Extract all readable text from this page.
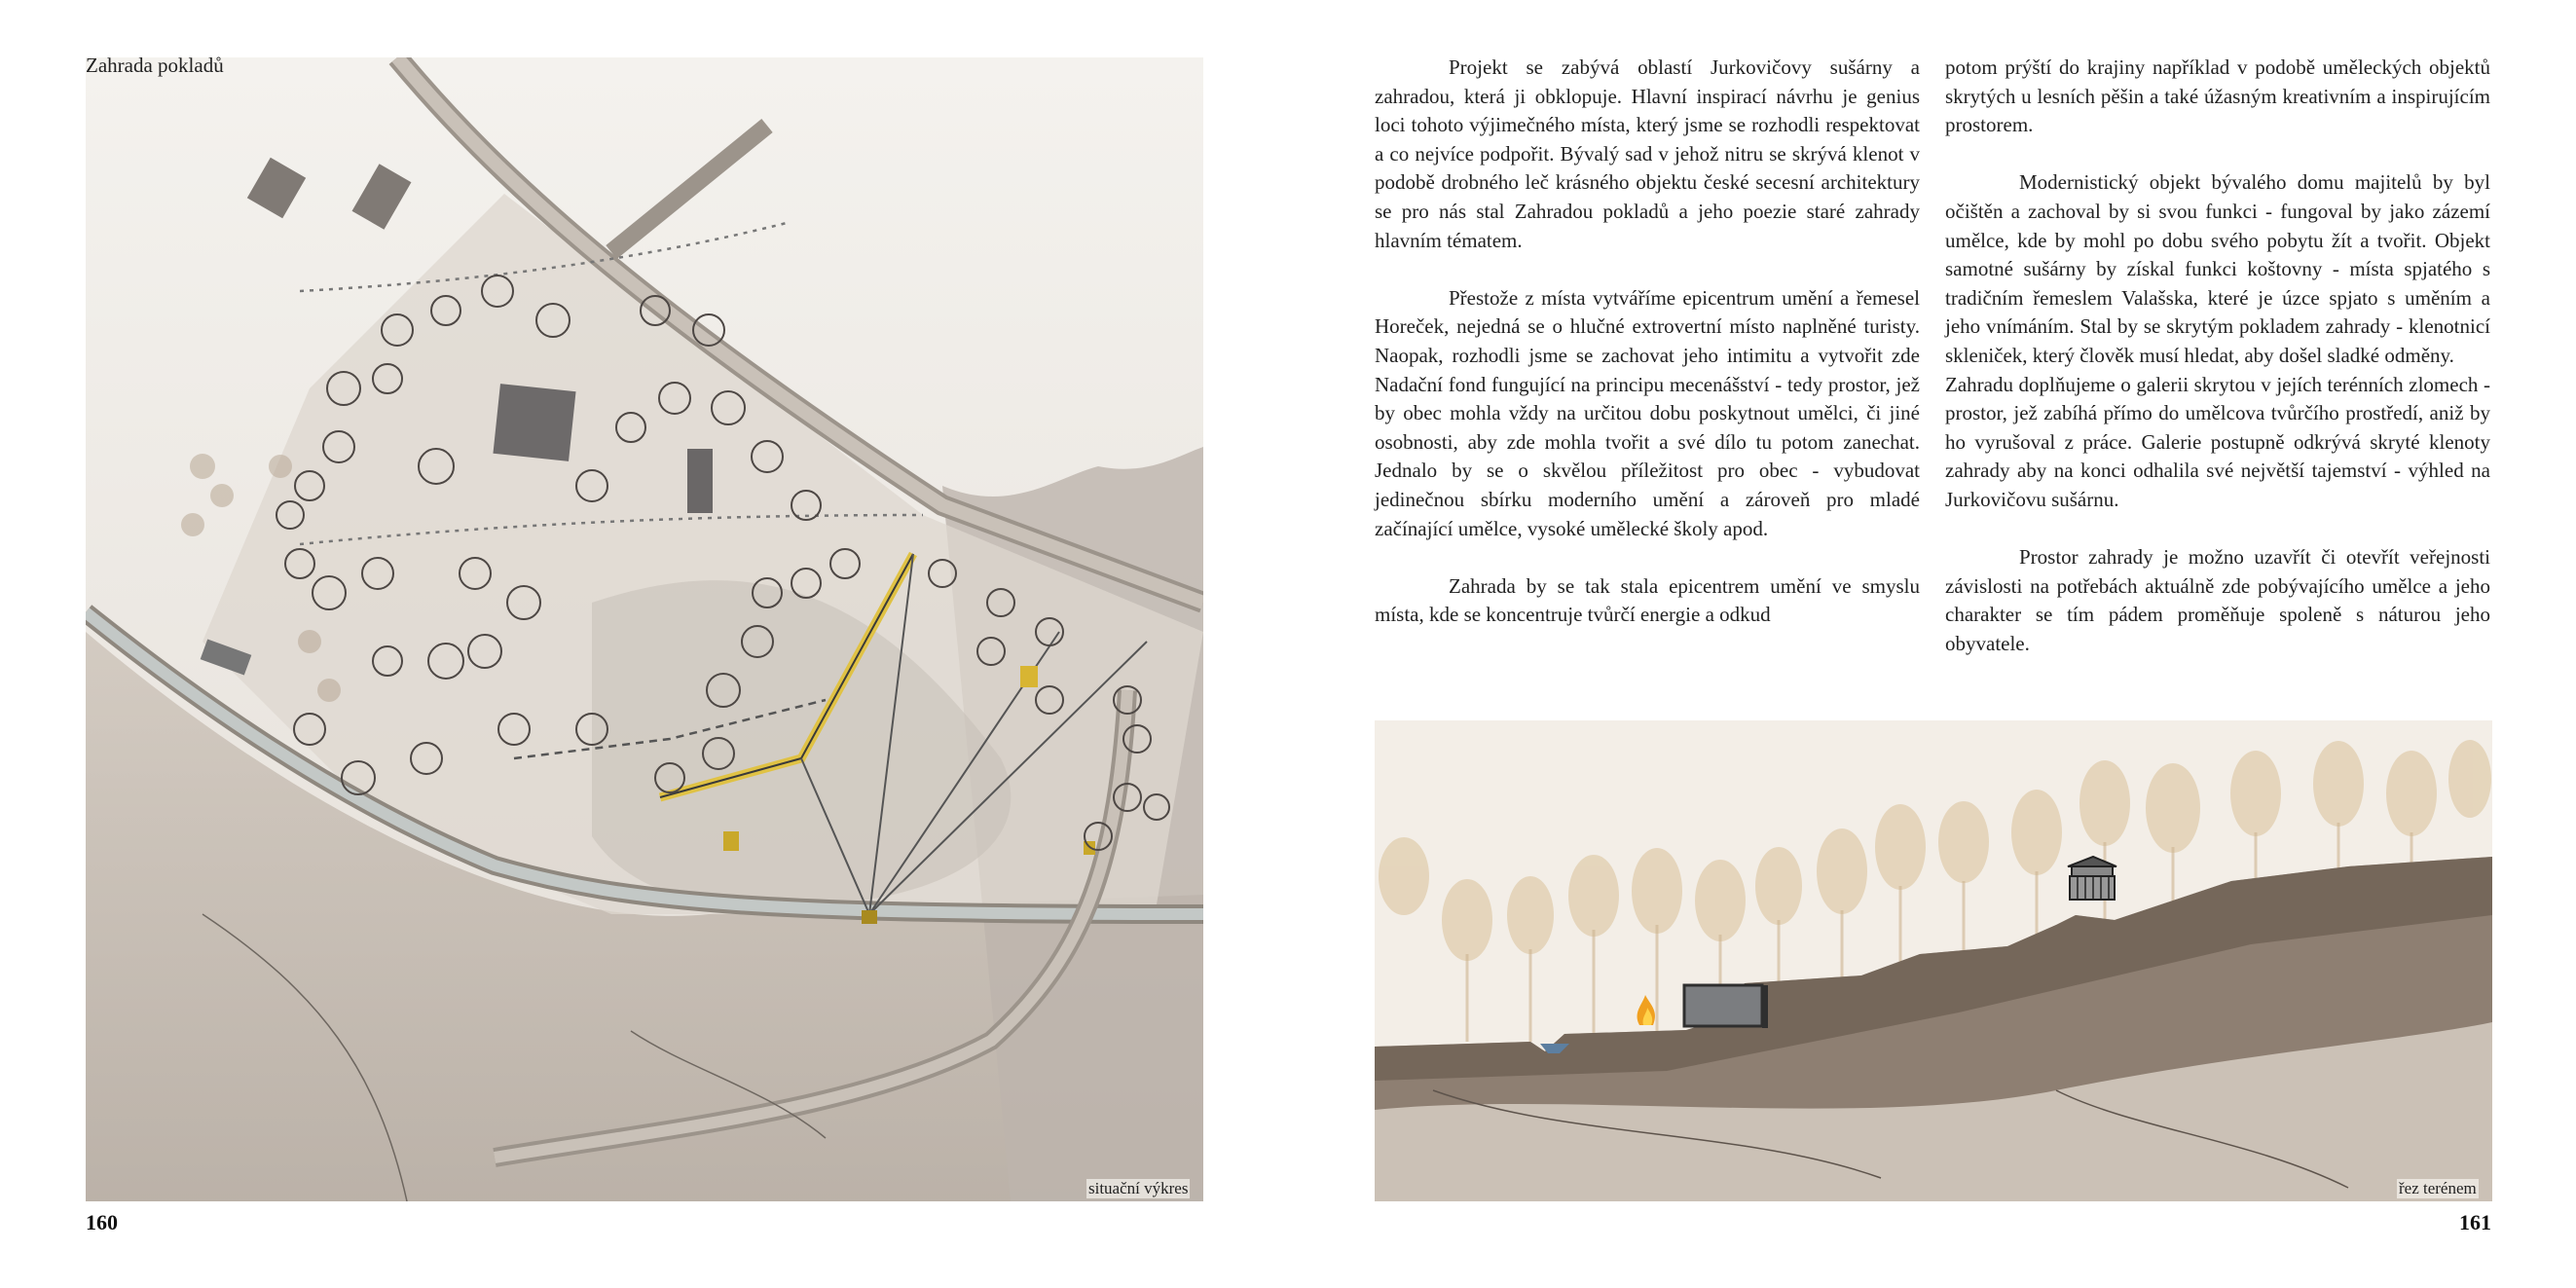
Zahrada pokladů
situační výkres
160

Projekt se zabývá oblastí Jurkovičovy sušárny a zahradou, která ji obklopuje. Hlavní inspirací návrhu je genius loci tohoto výjimečného místa, který jsme se rozhodli respektovat a co nejvíce podpořit. Bývalý sad v jehož nitru se skrývá klenot v podobě drobného leč krásného objektu české secesní architektury se pro nás stal Zahradou pokladů a jeho poezie staré zahrady hlavním tématem.

Přestože z místa vytváříme epicentrum umění a řemesel Horeček, nejedná se o hlučné extrovertní místo naplněné turisty. Naopak, rozhodli jsme se zachovat jeho intimitu a vytvořit zde Nadační fond fungující na principu mecenášství - tedy prostor, jež by obec mohla vždy na určitou dobu poskytnout umělci, či jiné osobnosti, aby zde mohla tvořit a své dílo tu potom zanechat. Jednalo by se o skvělou příležitost pro obec - vybudovat jedinečnou sbírku moderního umění a zároveň pro mladé začínající umělce, vysoké umělecké školy apod.

Zahrada by se tak stala epicentrem umění ve smyslu místa, kde se koncentruje tvůrčí energie a odkud

potom prýští do krajiny například v podobě uměleckých objektů skrytých u lesních pěšin a také úžasným kreativním a inspirujícím prostorem.

Modernistický objekt bývalého domu majitelů by byl očištěn a zachoval by si svou funkci - fungoval by jako zázemí umělce, kde by mohl po dobu svého pobytu žít a tvořit. Objekt samotné sušárny by získal funkci koštovny - místa spjatého s tradičním řemeslem Valašska, které je úzce spjato s uměním a jeho vnímáním. Stal by se skrytým pokladem zahrady - klenotnicí skleniček, který člověk musí hledat, aby došel sladké odměny.

Zahradu doplňujeme o galerii skrytou v jejích terénních zlomech - prostor, jež zabíhá přímo do umělcova tvůrčího prostředí, aniž by ho vyrušoval z práce. Galerie postupně odkrývá skryté klenoty zahrady aby na konci odhalila své největší tajemství - výhled na Jurkovičovu sušárnu.

Prostor zahrady je možno uzavřít či otevřít veřejnosti závislosti na potřebách aktuálně zde pobývajícího umělce a jeho charakter se tím pádem proměňuje spoleně s náturou jeho obyvatele.

řez terénem
161
